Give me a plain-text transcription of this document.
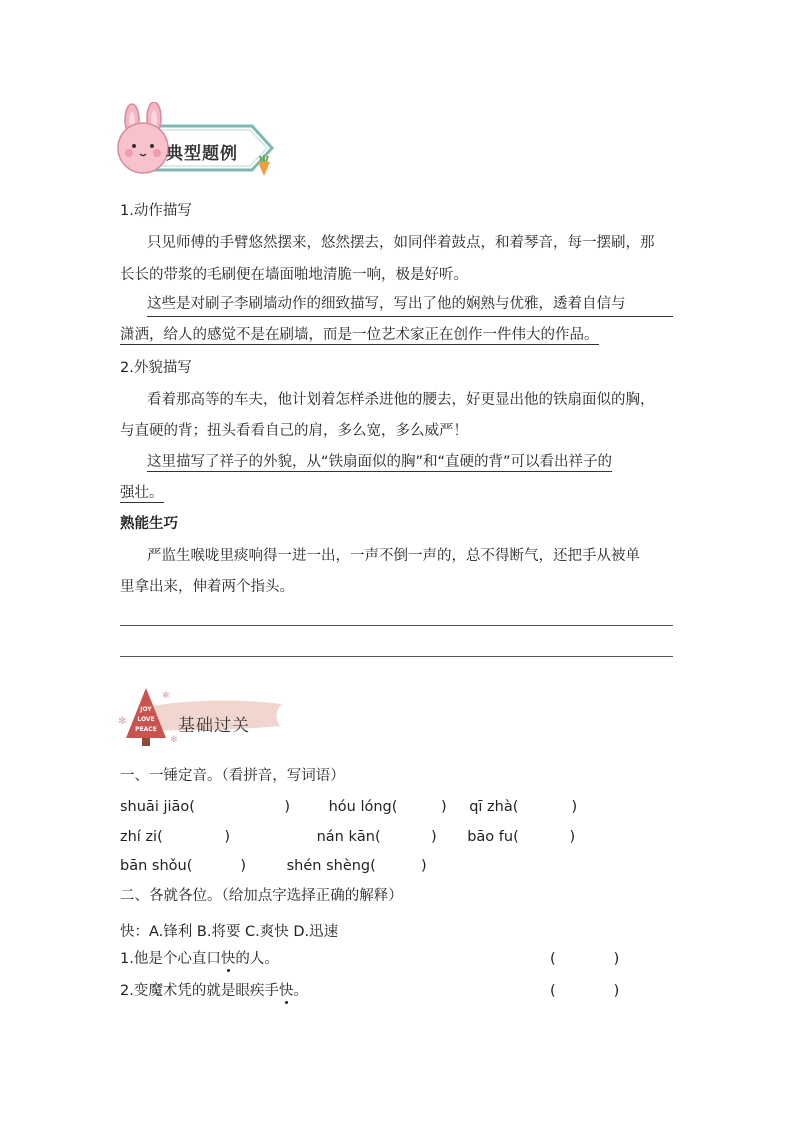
典型题例
1.动作描写
只见师傅的手臂悠然摆来，悠然摆去，如同伴着鼓点，和着琴音，每一摆刷，那
长长的带浆的毛刷便在墙面啪地清脆一响，极是好听。
这些是对刷子李刷墙动作的细致描写，写出了他的娴熟与优雅，透着自信与
潇洒，给人的感觉不是在刷墙，而是一位艺术家正在创作一件伟大的作品。
2.外貌描写
看着那高等的车夫，他计划着怎样杀进他的腰去，好更显出他的铁扇面似的胸，
与直硬的背；扭头看看自己的肩，多么宽，多么威严！
这里描写了祥子的外貌，从“铁扇面似的胸”和“直硬的背”可以看出祥子的
强壮。
熟能生巧
严监生喉咙里痰响得一进一出，一声不倒一声的，总不得断气，还把手从被单
里拿出来，伸着两个指头。
✻
✻
✻
JOY
LOVE
PEACE 基础过关
一、一锤定音。（看拼音，写词语）
shuāi jiāo(	)	hóu lóng(	) qī zhà(	)
zhí zi(	)	nán kān(	) bāo fu(	)
bān shǒu(	)	shén shèng(	)
二、各就各位。（给加点字选择正确的解释）
快：A.锋利 B.将要 C.爽快 D.迅速
1.他是个心直口快的人。	(	)
2.变魔术凭的就是眼疾手快。	(	)
